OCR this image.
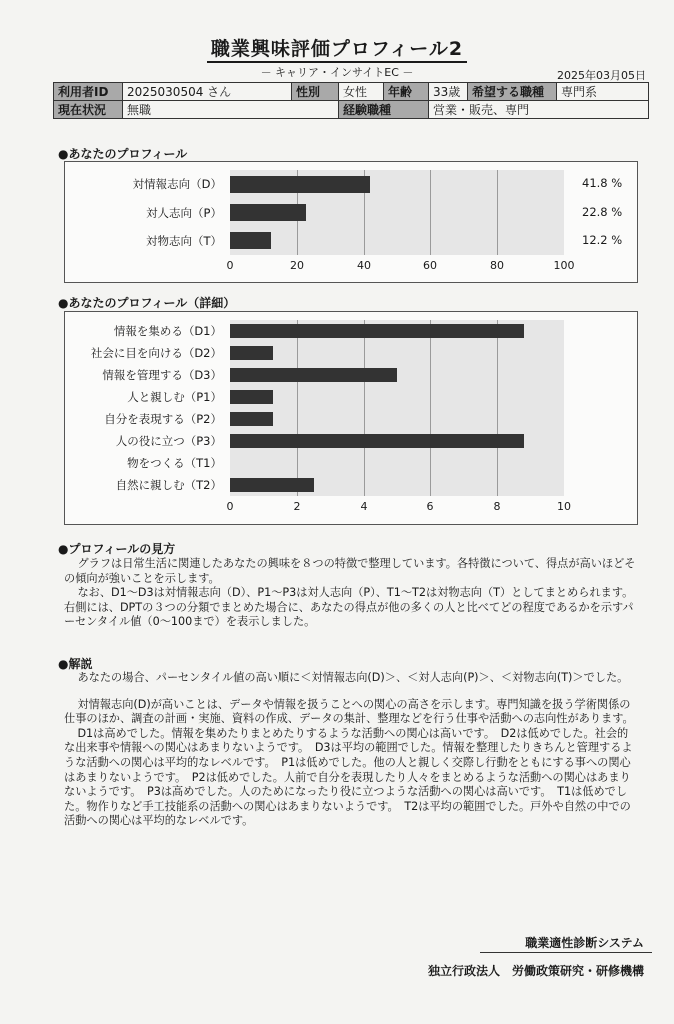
職業興味評価プロフィール2
－ キャリア・インサイトEC －	2025年03月05日
利用者ID	2025030504 さん	性別	女性	年齢	33歳	希望する職種	専門系
現在状況	無職		経験職種		営業・販売、専門		
●あなたのプロフィール
0	20	40	60	80	100
対情報志向（D）	41.8 %
対人志向（P）	22.8 %
対物志向（T）	12.2 %
●あなたのプロフィール（詳細）
0	2	4	6	8	10
情報を集める（D1）
社会に目を向ける（D2）
情報を管理する（D3）
人と親しむ（P1）
自分を表現する（P2）
人の役に立つ（P3）
物をつくる（T1）
自然に親しむ（T2）
●プロフィールの見方

グラフは日常生活に関連したあなたの興味を８つの特徴で整理しています。各特徴について、得点が高いほどその傾向が強いことを示します。

なお、D1～D3は対情報志向（D）、P1～P3は対人志向（P）、T1～T2は対物志向（T）としてまとめられます。右側には、DPTの３つの分類でまとめた場合に、あなたの得点が他の多くの人と比べてどの程度であるかを示すパーセンタイル値（0～100まで）を表示しました。

●解説

あなたの場合、パーセンタイル値の高い順に＜対情報志向(D)＞、＜対人志向(P)＞、＜対物志向(T)＞でした。

対情報志向(D)が高いことは、データや情報を扱うことへの関心の高さを示します。専門知識を扱う学術関係の仕事のほか、調査の計画・実施、資料の作成、データの集計、整理などを行う仕事や活動への志向性があります。

D1は高めでした。情報を集めたりまとめたりするような活動への関心は高いです。　D2は低めでした。社会的な出来事や情報への関心はあまりないようです。　D3は平均の範囲でした。情報を整理したりきちんと管理するような活動への関心は平均的なレベルです。　P1は低めでした。他の人と親しく交際し行動をともにする事への関心はあまりないようです。　P2は低めでした。人前で自分を表現したり人々をまとめるような活動への関心はあまりないようです。　P3は高めでした。人のためになったり役に立つような活動への関心は高いです。　T1は低めでした。物作りなど手工技能系の活動への関心はあまりないようです。　T2は平均の範囲でした。戸外や自然の中での活動への関心は平均的なレベルです。

職業適性診断システム
独立行政法人　労働政策研究・研修機構
